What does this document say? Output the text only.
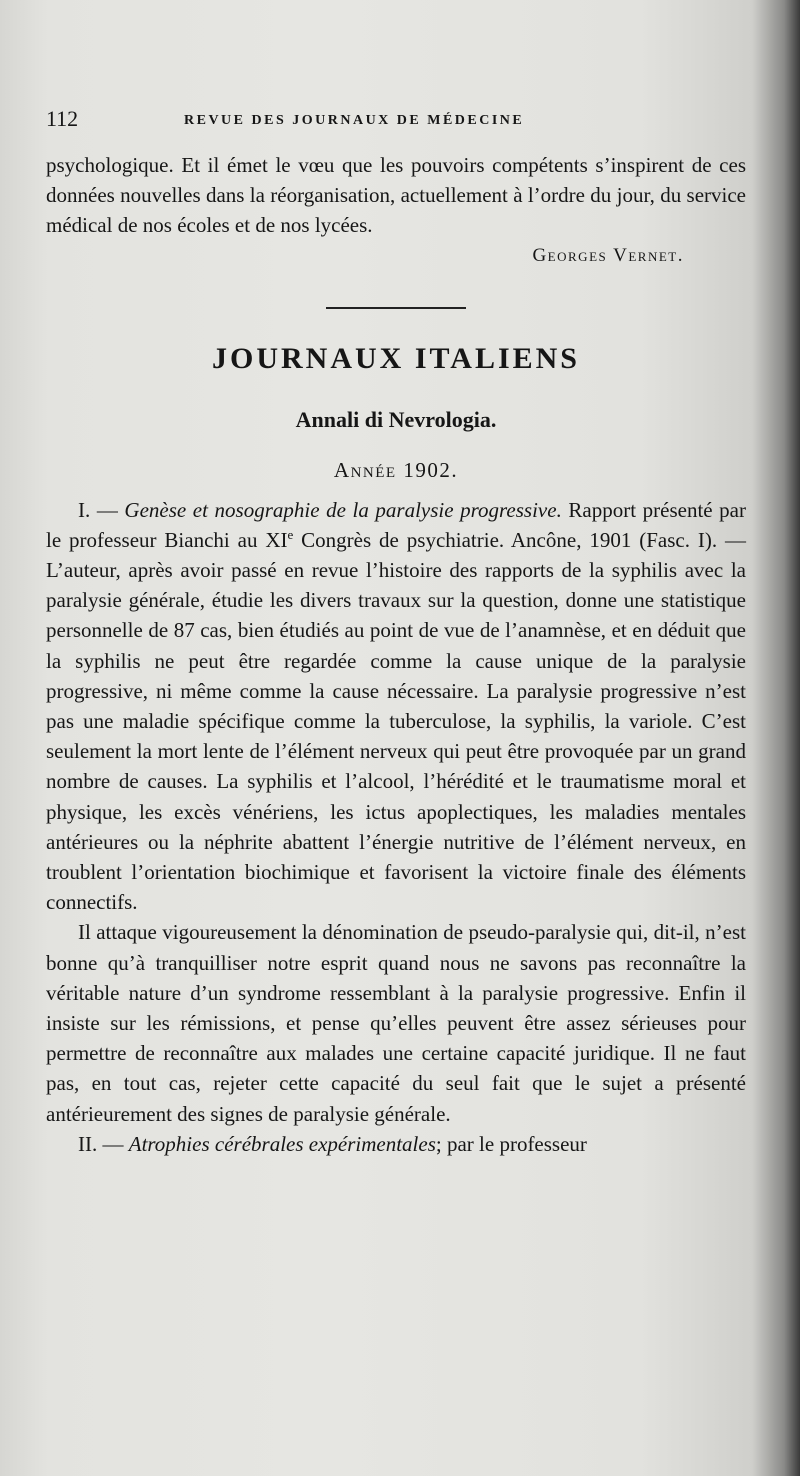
112	REVUE DES JOURNAUX DE MÉDECINE

psychologique. Et il émet le vœu que les pouvoirs compétents s’inspirent de ces données nouvelles dans la réorganisation, actuellement à l’ordre du jour, du service médical de nos écoles et de nos lycées.

Georges Vernet.

JOURNAUX ITALIENS
Annali di Nevrologia.

Année 1902.

I. — Genèse et nosographie de la paralysie progressive. Rapport présenté par le professeur Bianchi au XIe Congrès de psychiatrie. Ancône, 1901 (Fasc. I). — L’auteur, après avoir passé en revue l’histoire des rapports de la syphilis avec la paralysie générale, étudie les divers travaux sur la question, donne une statistique personnelle de 87 cas, bien étudiés au point de vue de l’anamnèse, et en déduit que la syphilis ne peut être regardée comme la cause unique de la paralysie progressive, ni même comme la cause nécessaire. La paralysie progressive n’est pas une maladie spécifique comme la tuberculose, la syphilis, la variole. C’est seulement la mort lente de l’élément nerveux qui peut être provoquée par un grand nombre de causes. La syphilis et l’alcool, l’hérédité et le traumatisme moral et physique, les excès vénériens, les ictus apoplectiques, les maladies mentales antérieures ou la néphrite abattent l’énergie nutritive de l’élément nerveux, en troublent l’orientation biochimique et favorisent la victoire finale des éléments connectifs.

Il attaque vigoureusement la dénomination de pseudo-paralysie qui, dit-il, n’est bonne qu’à tranquilliser notre esprit quand nous ne savons pas reconnaître la véritable nature d’un syndrome ressemblant à la paralysie progressive. Enfin il insiste sur les rémissions, et pense qu’elles peuvent être assez sérieuses pour permettre de reconnaître aux malades une certaine capacité juridique. Il ne faut pas, en tout cas, rejeter cette capacité du seul fait que le sujet a présenté antérieurement des signes de paralysie générale.

II. — Atrophies cérébrales expérimentales; par le professeur
